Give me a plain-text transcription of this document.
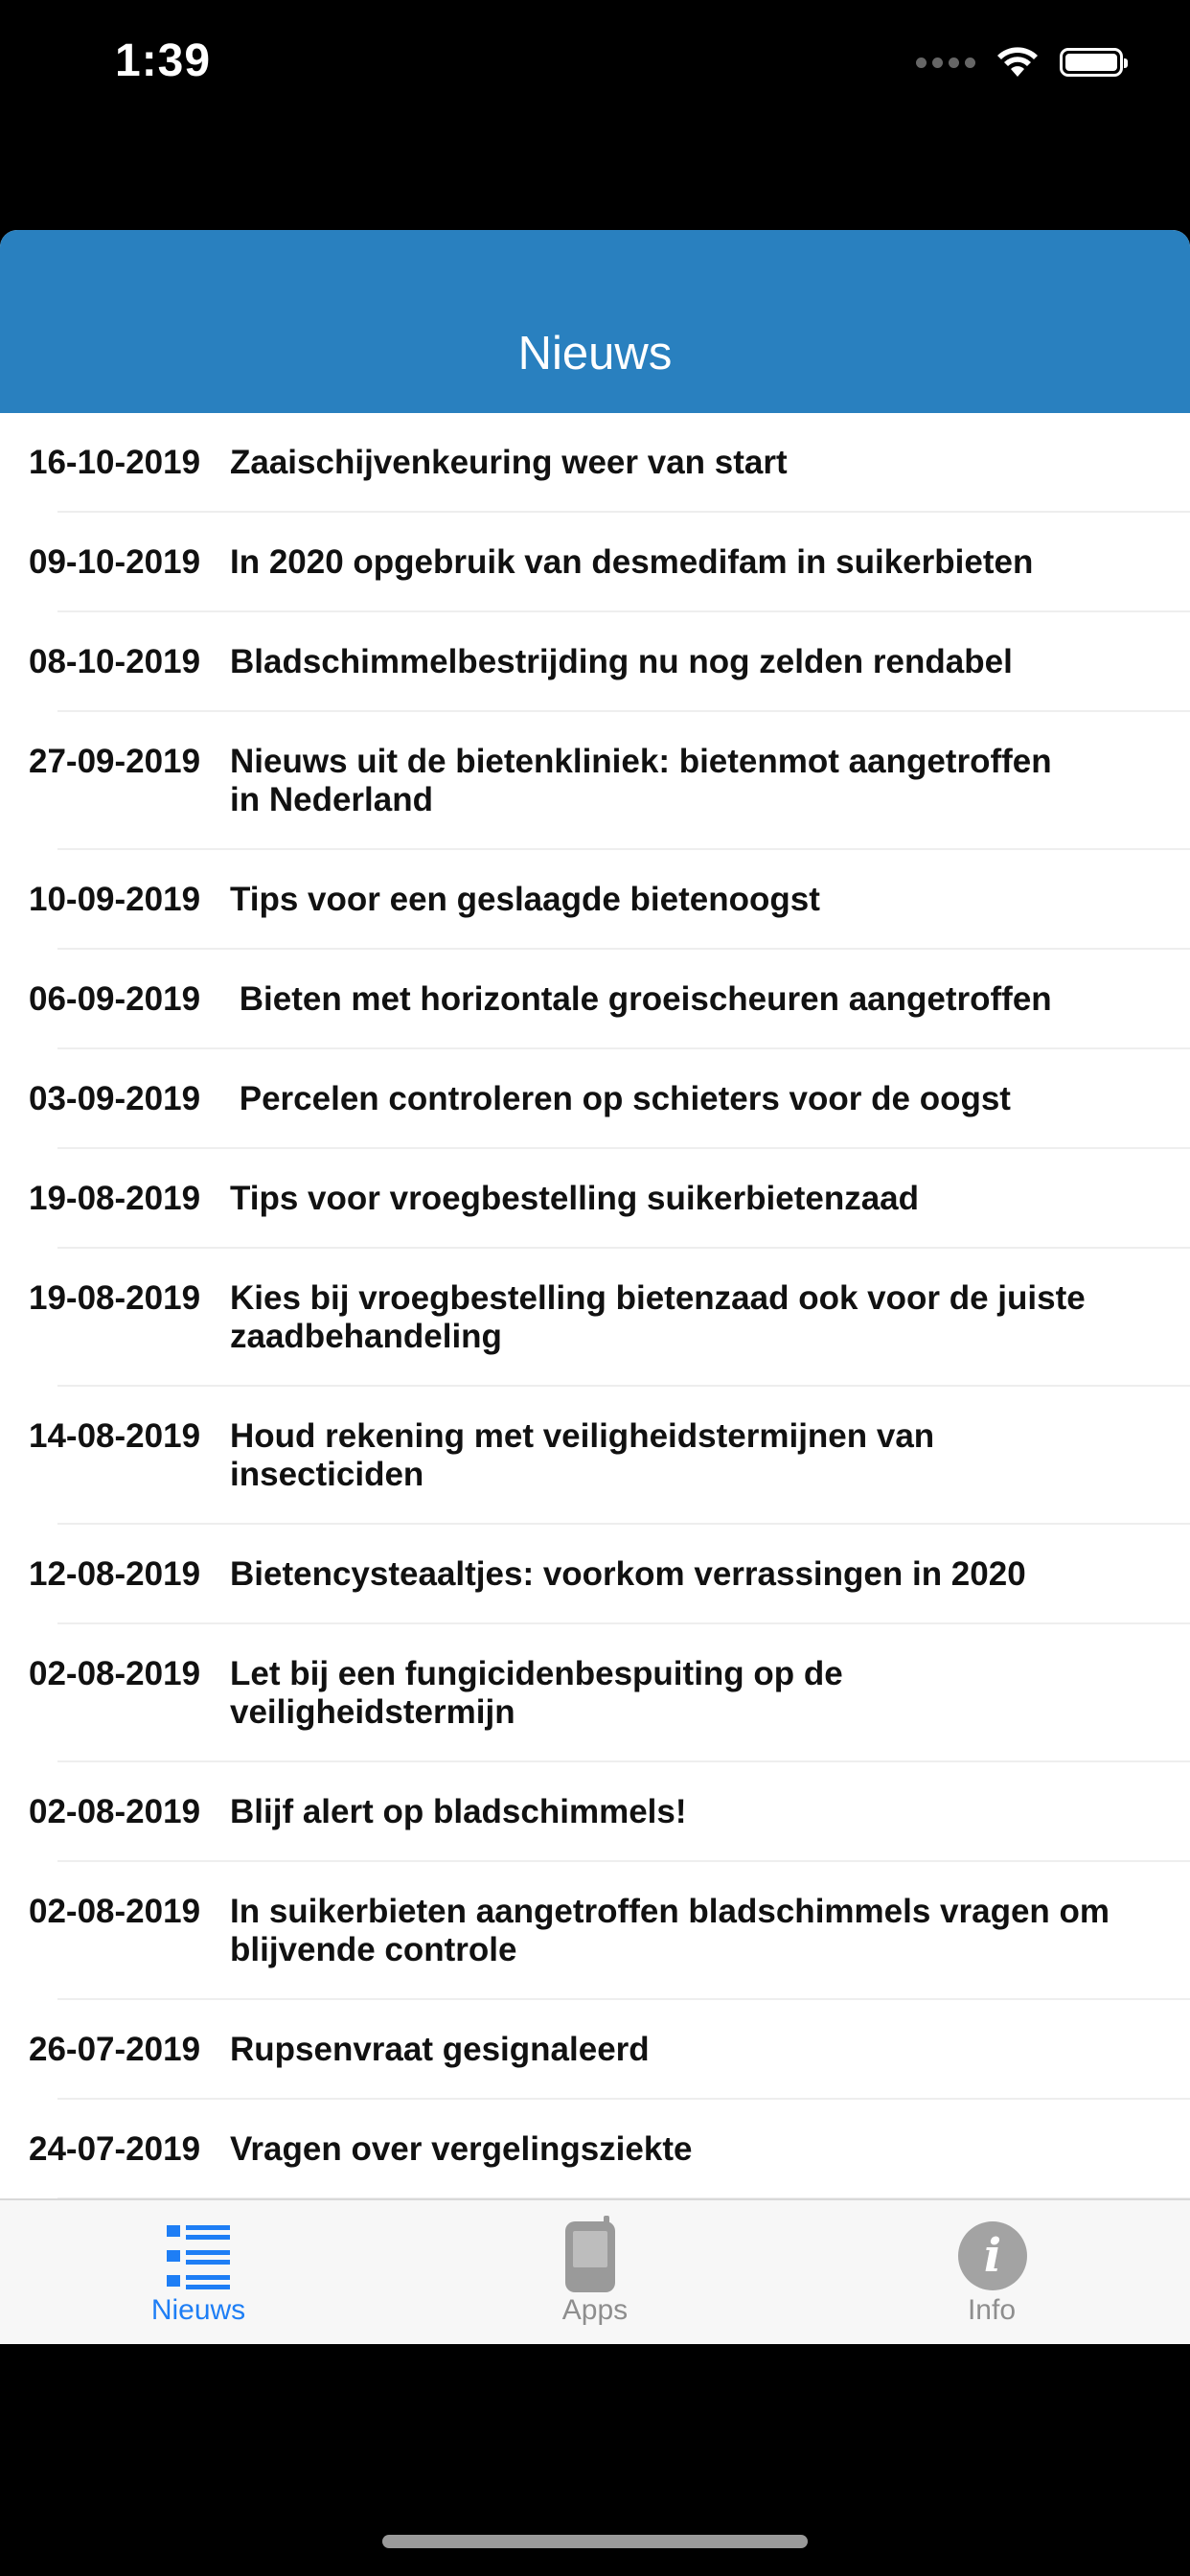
1:39
Nieuws
16-10-2019 Zaaischijvenkeuring weer van start
09-10-2019 In 2020 opgebruik van desmedifam in suikerbieten
08-10-2019 Bladschimmelbestrijding nu nog zelden rendabel
27-09-2019 Nieuws uit de bietenkliniek: bietenmot aangetroffen
in Nederland
10-09-2019 Tips voor een geslaagde bietenoogst
06-09-2019 Bieten met horizontale groeischeuren aangetroffen
03-09-2019 Percelen controleren op schieters voor de oogst
19-08-2019 Tips voor vroegbestelling suikerbietenzaad
19-08-2019 Kies bij vroegbestelling bietenzaad ook voor de juiste
zaadbehandeling
14-08-2019 Houd rekening met veiligheidstermijnen van
insecticiden
12-08-2019 Bietencysteaaltjes: voorkom verrassingen in 2020
02-08-2019 Let bij een fungicidenbespuiting op de
veiligheidstermijn
02-08-2019 Blijf alert op bladschimmels!
02-08-2019 In suikerbieten aangetroffen bladschimmels vragen om
blijvende controle
26-07-2019 Rupsenvraat gesignaleerd
24-07-2019 Vragen over vergelingsziekte
Nieuws	Apps
i
Info
